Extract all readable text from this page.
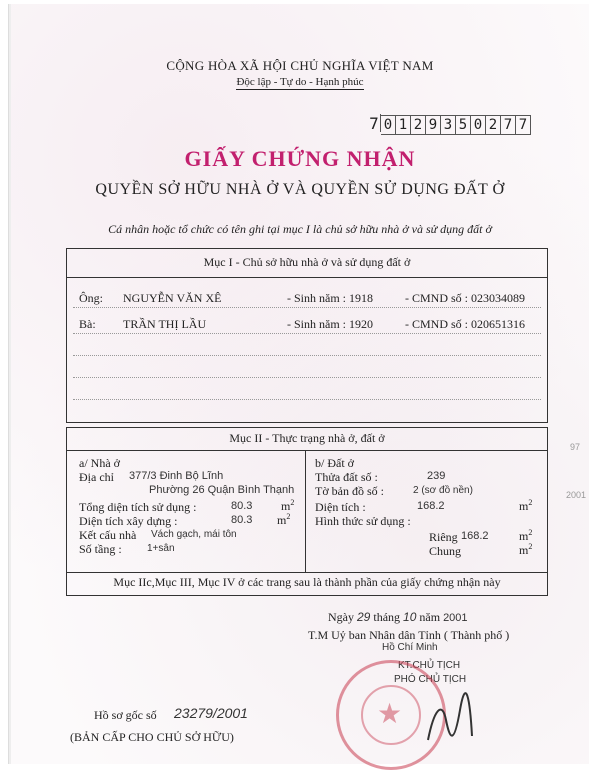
CỘNG HÒA XÃ HỘI CHỦ NGHĨA VIỆT NAM
Độc lập - Tự do - Hạnh phúc
7 0 1 2 9 3 5 0 2 7 7
GIẤY CHỨNG NHẬN
QUYỀN SỞ HỮU NHÀ Ở VÀ QUYỀN SỬ DỤNG ĐẤT Ở
Cá nhân hoặc tổ chức có tên ghi tại mục I là chủ sở hữu nhà ở và sử dụng đất ở
Mục I - Chủ sở hữu nhà ở và sử dụng đất ở
Ông: NGUYỄN VĂN XÊ	- Sinh năm : 1918	- CMND số : 023034089
Bà: TRẦN THỊ LẦU	- Sinh năm : 1920	- CMND số : 020651316
Mục II - Thực trạng nhà ở, đất ở
a/ Nhà ở
Địa chỉ 377/3 Đinh Bộ Lĩnh
Phường 26 Quận Bình Thạnh
Tổng diện tích sử dụng :	80.3 $m^2$
Diện tích xây dựng :	80.3 $m^2$
Kết cấu nhà Vách gạch, mái tôn
Số tầng :	1+sân
b/ Đất ở
Thửa đất số :	239
Tờ bản đồ số :	2 (sơ đồ nền)
Diện tích :	168.2	$m^2$
Hình thức sử dụng :
Riêng 168.2	$m^2$
Chung	$m^2$
Mục IIc,Mục III, Mục IV ở các trang sau là thành phần của giấy chứng nhận này
Ngày 29 tháng 10 năm 2001
T.M Uỷ ban Nhân dân Tỉnh ( Thành phố )
Hồ Chí Minh
KT.CHỦ TỊCH
PHÓ CHỦ TỊCH
★
Hồ sơ gốc số 23279/2001
(BẢN CẤP CHO CHỦ SỞ HỮU)
97
2001
